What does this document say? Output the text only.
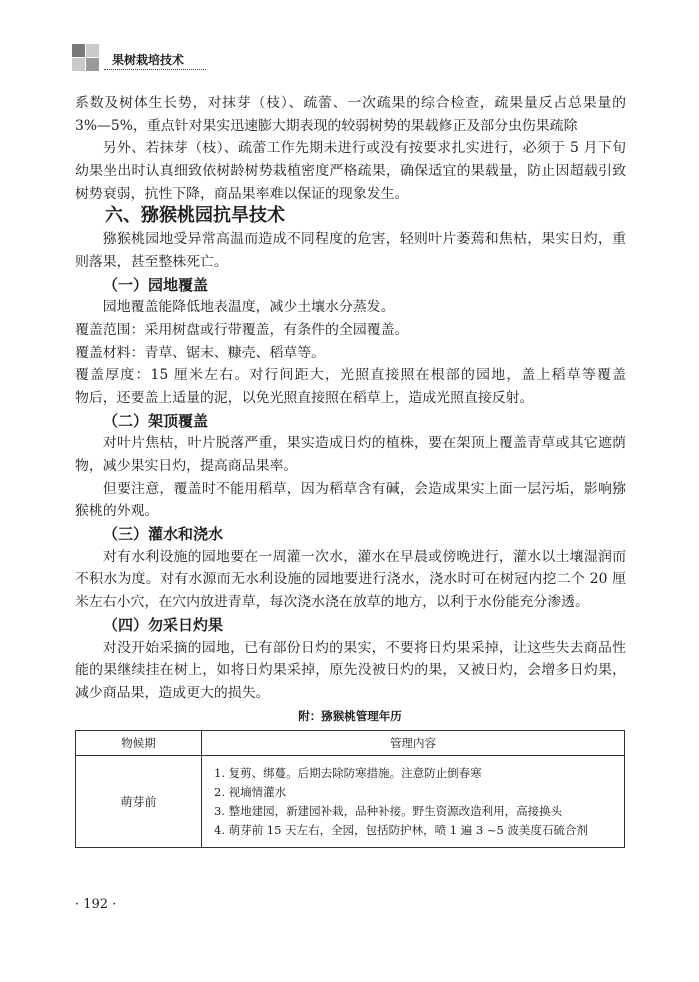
果树栽培技术
系数及树体生长势，对抹芽（枝）、疏蕾、一次疏果的综合检查，疏果量反占总果量的
3%—5%，重点针对果实迅速膨大期表现的较弱树势的果载修正及部分虫伤果疏除
另外、若抹芽（枝）、疏蕾工作先期未进行或没有按要求扎实进行，必须于 5 月下旬
幼果坐出时认真细致依树龄树势栽植密度严格疏果，确保适宜的果载量，防止因超载引致
树势衰弱，抗性下降，商品果率难以保证的现象发生。
六、猕猴桃园抗旱技术
猕猴桃园地受异常高温而造成不同程度的危害，轻则叶片萎蔫和焦枯，果实日灼，重
则落果，甚至整株死亡。
（一）园地覆盖
园地覆盖能降低地表温度，减少土壤水分蒸发。
覆盖范围：采用树盘或行带覆盖，有条件的全园覆盖。
覆盖材料：青草、锯末、糠壳、稻草等。
覆盖厚度：15 厘米左右。对行间距大，光照直接照在根部的园地，盖上稻草等覆盖
物后，还要盖上适量的泥，以免光照直接照在稻草上，造成光照直接反射。
（二）架顶覆盖
对叶片焦枯，叶片脱落严重，果实造成日灼的植株，要在架顶上覆盖青草或其它遮荫
物，减少果实日灼，提高商品果率。
但要注意，覆盖时不能用稻草，因为稻草含有碱，会造成果实上面一层污垢，影响猕
猴桃的外观。
（三）灌水和浇水
对有水利设施的园地要在一周灌一次水，灌水在早晨或傍晚进行，灌水以土壤湿润而
不积水为度。对有水源而无水利设施的园地要进行浇水，浇水时可在树冠内挖二个 20 厘
米左右小穴，在穴内放进青草，每次浇水浇在放草的地方，以利于水份能充分渗透。
（四）勿采日灼果
对没开始采摘的园地，已有部份日灼的果实，不要将日灼果采掉，让这些失去商品性
能的果继续挂在树上，如将日灼果采掉，原先没被日灼的果，又被日灼，会增多日灼果，
减少商品果，造成更大的损失。
附：猕猴桃管理年历
物候期	管理内容
萌芽前	1. 复剪、绑蔓。后期去除防寒措施。注意防止倒春寒
2. 视墒情灌水
3. 整地建园，新建园补栽，品种补接。野生资源改造利用，高接换头
4. 萌芽前 15 天左右，全园，包括防护林，喷 1 遍 3 ~5 波美度石硫合剂
· 192 ·
